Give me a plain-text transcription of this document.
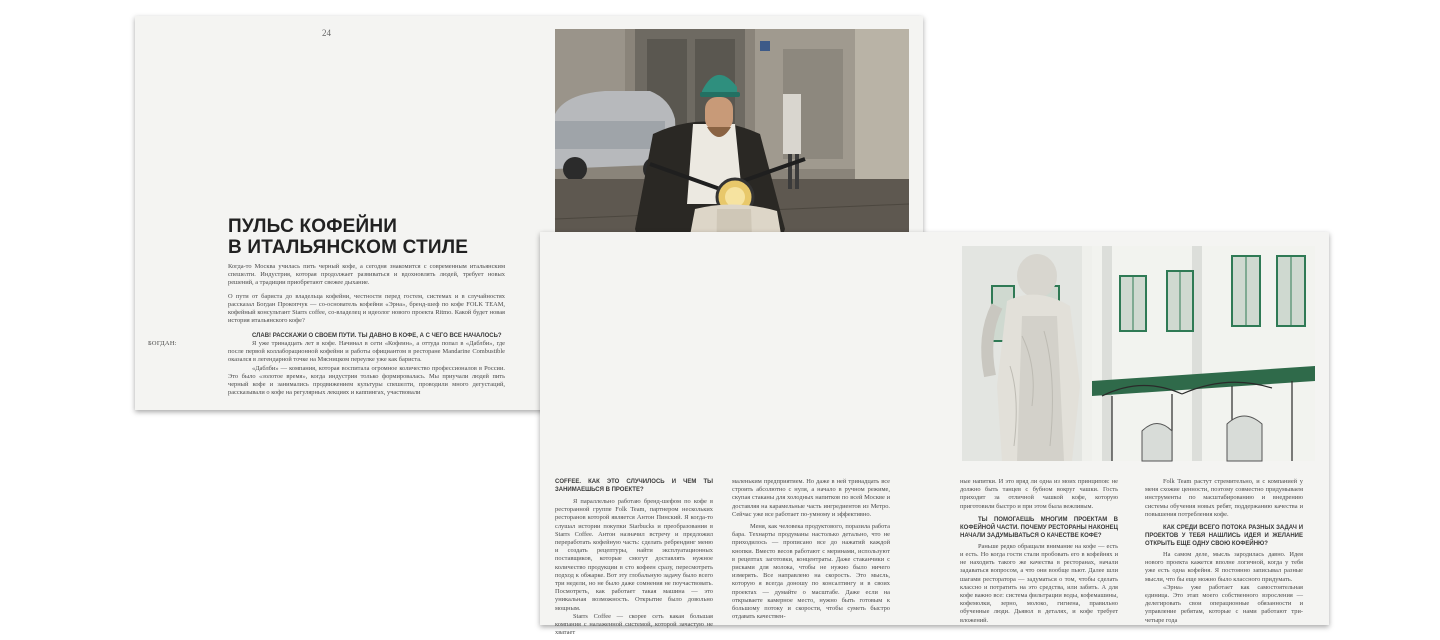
24
ПУЛЬС КОФЕЙНИ
В ИТАЛЬЯНСКОМ СТИЛЕ

Когда-то Москва училась пить черный кофе, а сегодня знакомится с современным итальянским спешелти. Индустрия, которая продолжает развиваться и вдохновлять людей, требует новых решений, а традиции приобретают свежее дыхание.

О пути от бариста до владельца кофейни, честности перед гостем, системах и в случайностях рассказал Богдан Прокопчук — со-основатель кофейни «Эрна», бренд-шеф по кофе FOLK TEAM, кофейный консультант Starrs coffee, со-владелец и идеолог нового проекта Ritmo. Какой будет новая история итальянского кофе?

БОГДАН:

СЛАВ! РАССКАЖИ О СВОЕМ ПУТИ. ТЫ ДАВНО В КОФЕ, А С ЧЕГО ВСЕ НАЧАЛОСЬ?

Я уже тринадцать лет в кофе. Начинал в сети «Кофеин», а оттуда попал в «Даблби», где после первой коллаборационной кофейни и работы официантом в ресторане Mandarine Combustible оказался в легендарной точке на Мясницком переулке уже как бариста.

«Даблби» — компания, которая воспитала огромное количество профессионалов в России. Это было «золотое время», когда индустрия только формировалась. Мы приучали людей пить черный кофе и занимались продвижением культуры спешелти, проводили много дегустаций, рассказывали о кофе на регулярных лекциях и каппингах, участвовали

COFFEE. КАК ЭТО СЛУЧИЛОСЬ И ЧЕМ ТЫ ЗАНИМАЕШЬСЯ В ПРОЕКТЕ?

Я параллельно работаю бренд-шефом по кофе в ресторанной группе Folk Team, партнером нескольких ресторанов которой является Антон Пинский. Я когда-то слушал истории покупки Starbucks и преобразования в Starrs Coffee. Антон назначил встречу и предложил переработать кофейную часть: сделать ребрендинг меню и создать рецептуры, найти эксплуатационных поставщиков, которые смогут доставлять нужное количество продукции в сто кофеен сразу, пересмотреть подход к обжарке. Вот эту глобальную задачу было всего три недели, но не было даже сомнения не поучаствовать. Посмотреть, как работает такая машина — это уникальная возможность. Открытие было довольно мощным.

Starrs Coffee — скорее сеть какая большая компания с налаженной системой, которой зачастую не хватает

маленьким предприятием. Но даже в ней тринадцать все строить абсолютно с нуля, а начало в ручном режиме, скупая стаканы для холодных напитков по всей Москве и доставляя на карамельные часть ингредиентов из Метро. Сейчас уже все работает по-умному и эффективно.

Меня, как человека продуктового, поразила работа бара. Технарты продуманы настолько детально, что не приходилось — прописано все до нажатий каждой кнопки. Вместо весов работают с меринами, используют в рецептах заготовки, концентраты. Даже стаканчики с рисками для молока, чтобы не нужно было ничего измерять. Все направлено на скорость. Это мысль, которую я всегда доношу по консалтингу и в своих проектах — думайте о масштабе. Даже если на открываете камерное место, нужно быть готовым к большому потоку и скорости, чтобы суметь быстро отдавать качествен-

ные напитки. И это вряд ли одна из моих принципов: не должно быть танцев с бубном вокруг чашки. Гость приходит за отличной чашкой кофе, которую приготовили быстро и при этом была вежливым.

ТЫ ПОМОГАЕШЬ МНОГИМ ПРОЕКТАМ В КОФЕЙНОЙ ЧАСТИ. ПОЧЕМУ РЕСТОРАНЫ НАКОНЕЦ НАЧАЛИ ЗАДУМЫВАТЬСЯ О КАЧЕСТВЕ КОФЕ?

Раньше редко обращали внимание на кофе — есть и есть. Но когда гости стали пробовать его в кофейнях и не находить такого же качества в ресторанах, начали задаваться вопросом, а что они вообще пьют. Далее шли шагами ресторатора — задуматься о том, чтобы сделать классно и потратить на это средства, или забить. А для кофе важно все: система фильтрации воды, кофемашины, кофемолки, зерно, молоко, гигиена, правильно обученные люди. Дьявол в деталях, и кофе требует вложений.

Folk Team растут стремительно, и с компанией у меня схожие ценности, поэтому совместно придумываем инструменты по масштабированию и внедрению системы обучения новых ребят, поддержанию качества и повышения потребления кофе.

КАК СРЕДИ ВСЕГО ПОТОКА РАЗНЫХ ЗАДАЧ И ПРОЕКТОВ У ТЕБЯ НАШЛИСЬ ИДЕЯ И ЖЕЛАНИЕ ОТКРЫТЬ ЕЩЕ ОДНУ СВОЮ КОФЕЙНЮ?

На самом деле, мысль зародилась давно. Идея нового проекта кажется вполне логичной, когда у тебя уже есть одна кофейня. Я постоянно записывал разные мысли, что бы еще можно было классного придумать.

«Эрна» уже работает как самостоятельная единица. Это этап моего собственного взросления — делегировать свои операционные обязанности и управление ребятам, которые с нами работают три-четыре года
